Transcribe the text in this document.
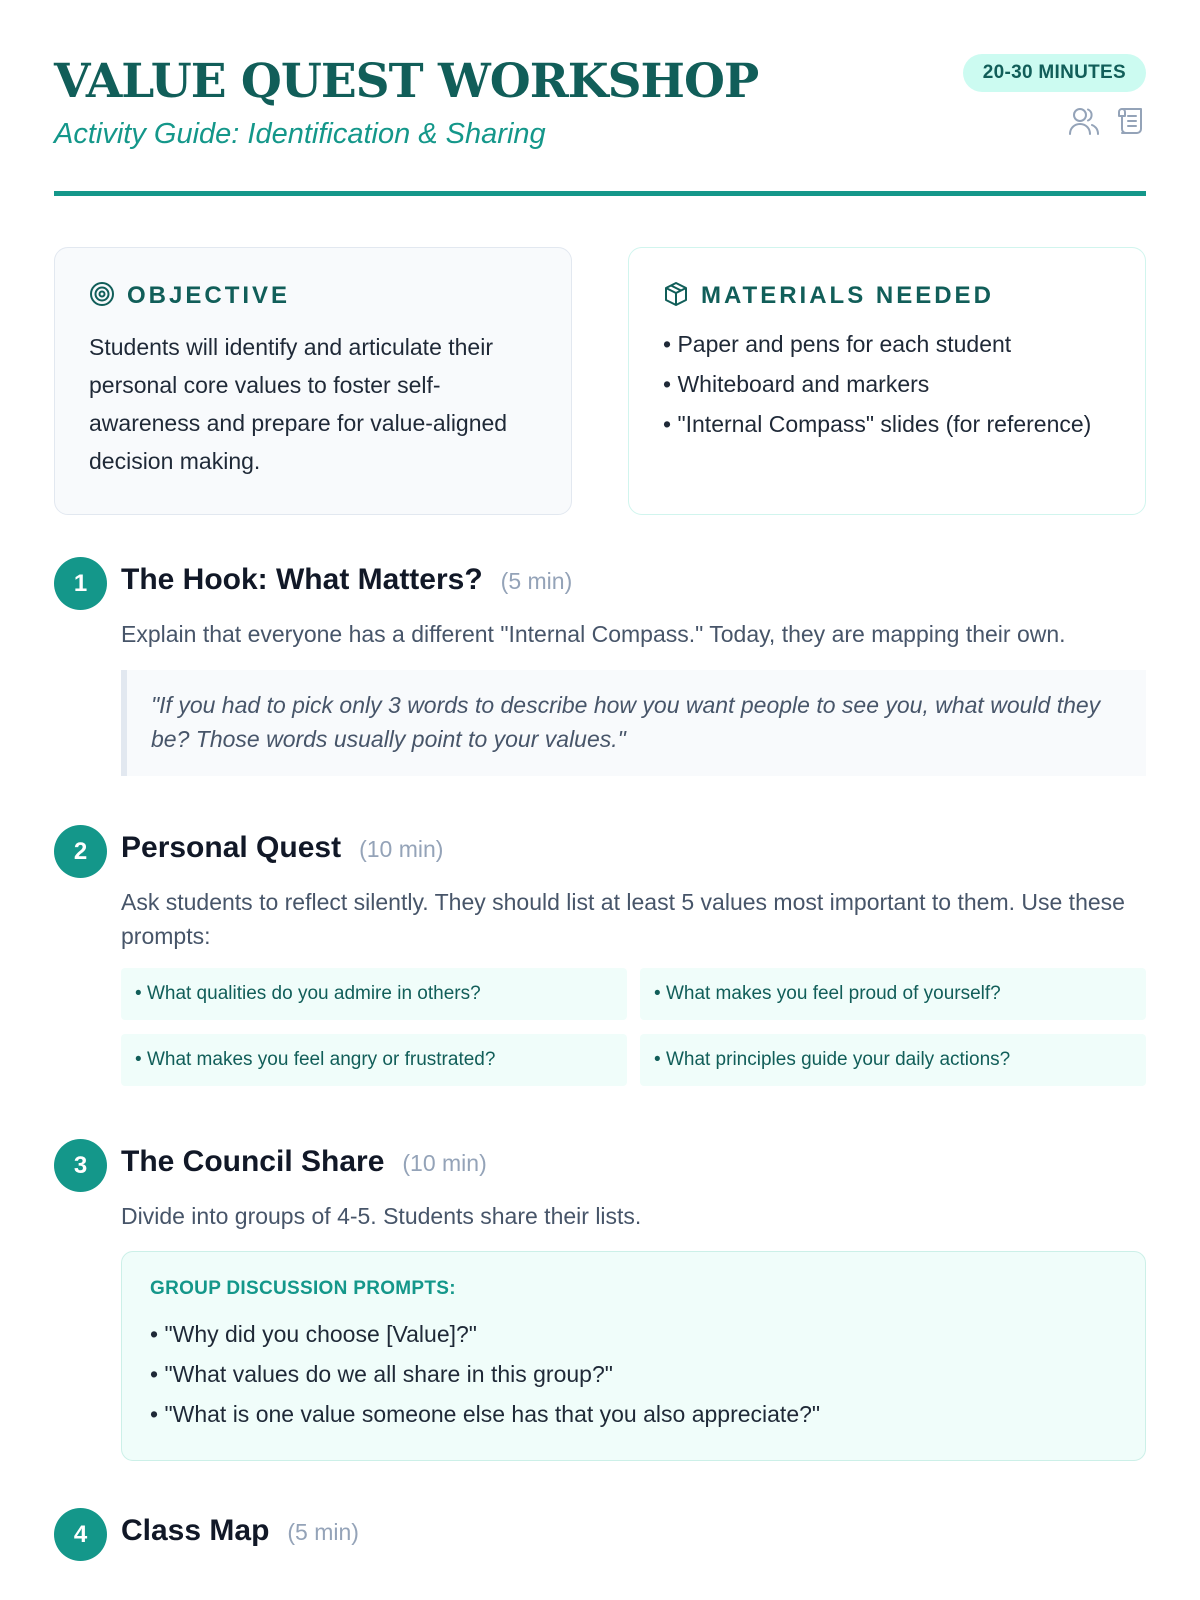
VALUE QUEST WORKSHOP

Activity Guide: Identification & Sharing

20-30 MINUTES
OBJECTIVE
Students will identify and articulate their personal core values to foster self-awareness and prepare for value-aligned decision making.
MATERIALS NEEDED
• Paper and pens for each student
• Whiteboard and markers
• "Internal Compass" slides (for reference)
1	The Hook: What Matters? (5 min)
Explain that everyone has a different "Internal Compass." Today, they are mapping their own.
"If you had to pick only 3 words to describe how you want people to see you, what would they be? Those words usually point to your values."
2	Personal Quest (10 min)
Ask students to reflect silently. They should list at least 5 values most important to them. Use these prompts:
• What qualities do you admire in others?	• What makes you feel proud of yourself?
• What makes you feel angry or frustrated?	• What principles guide your daily actions?
3	The Council Share (10 min)
Divide into groups of 4-5. Students share their lists.
GROUP DISCUSSION PROMPTS:
• "Why did you choose [Value]?"
• "What values do we all share in this group?"
• "What is one value someone else has that you also appreciate?"
4	Class Map (5 min)
